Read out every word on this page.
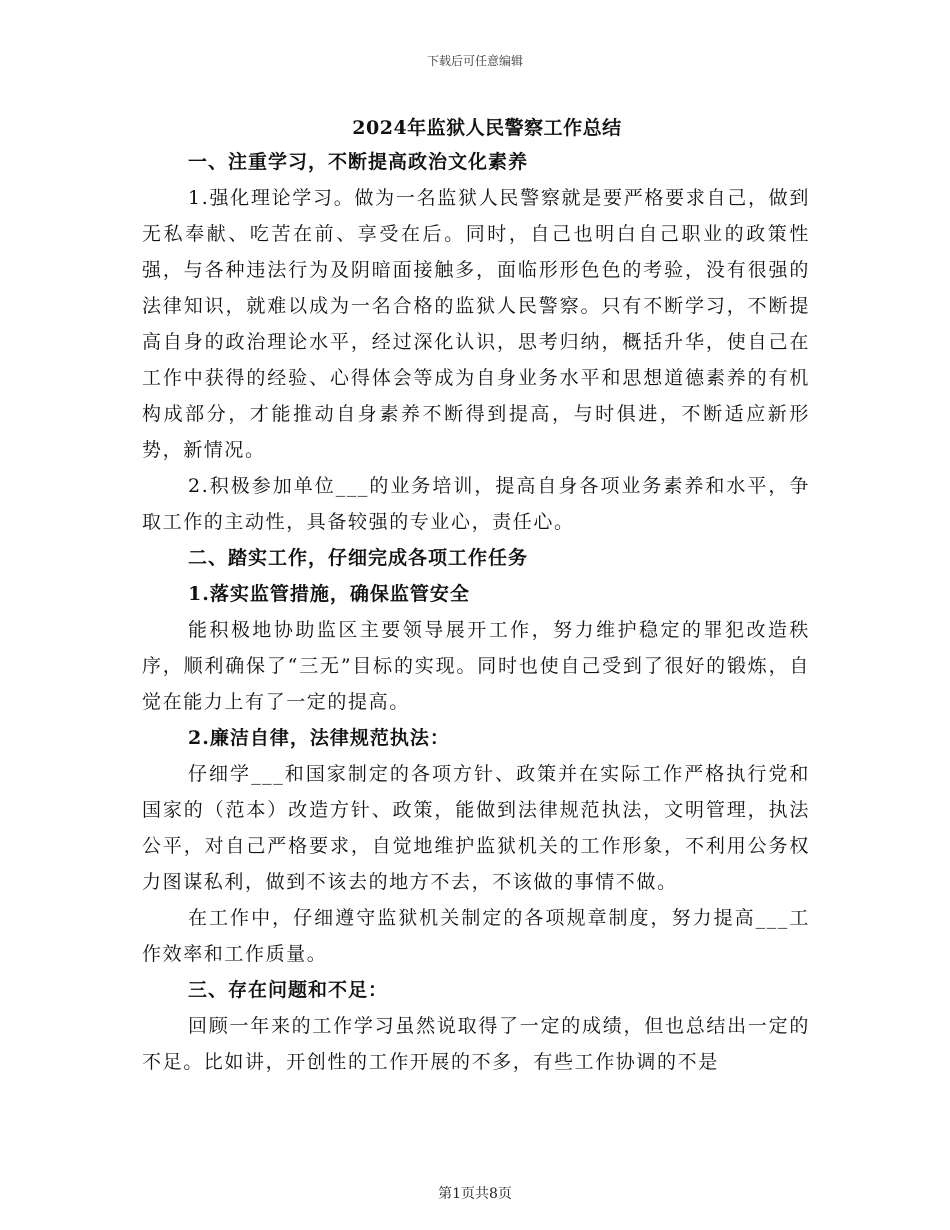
下载后可任意编辑
2024年监狱人民警察工作总结
一、注重学习，不断提高政治文化素养

1.强化理论学习。做为一名监狱人民警察就是要严格要求自己，做到无私奉献、吃苦在前、享受在后。同时，自己也明白自己职业的政策性强，与各种违法行为及阴暗面接触多，面临形形色色的考验，没有很强的法律知识，就难以成为一名合格的监狱人民警察。只有不断学习，不断提高自身的政治理论水平，经过深化认识，思考归纳，概括升华，使自己在工作中获得的经验、心得体会等成为自身业务水平和思想道德素养的有机构成部分，才能推动自身素养不断得到提高，与时俱进，不断适应新形势，新情况。

2.积极参加单位___的业务培训，提高自身各项业务素养和水平，争取工作的主动性，具备较强的专业心，责任心。

二、踏实工作，仔细完成各项工作任务
1.落实监管措施，确保监管安全

能积极地协助监区主要领导展开工作，努力维护稳定的罪犯改造秩序，顺利确保了“三无”目标的实现。同时也使自己受到了很好的锻炼，自觉在能力上有了一定的提高。

2.廉洁自律，法律规范执法：

仔细学___和国家制定的各项方针、政策并在实际工作严格执行党和国家的（范本）改造方针、政策，能做到法律规范执法，文明管理，执法公平，对自己严格要求，自觉地维护监狱机关的工作形象，不利用公务权力图谋私利，做到不该去的地方不去，不该做的事情不做。

在工作中，仔细遵守监狱机关制定的各项规章制度，努力提高___工作效率和工作质量。

三、存在问题和不足：

回顾一年来的工作学习虽然说取得了一定的成绩，但也总结出一定的不足。比如讲，开创性的工作开展的不多，有些工作协调的不是

第1页共8页
